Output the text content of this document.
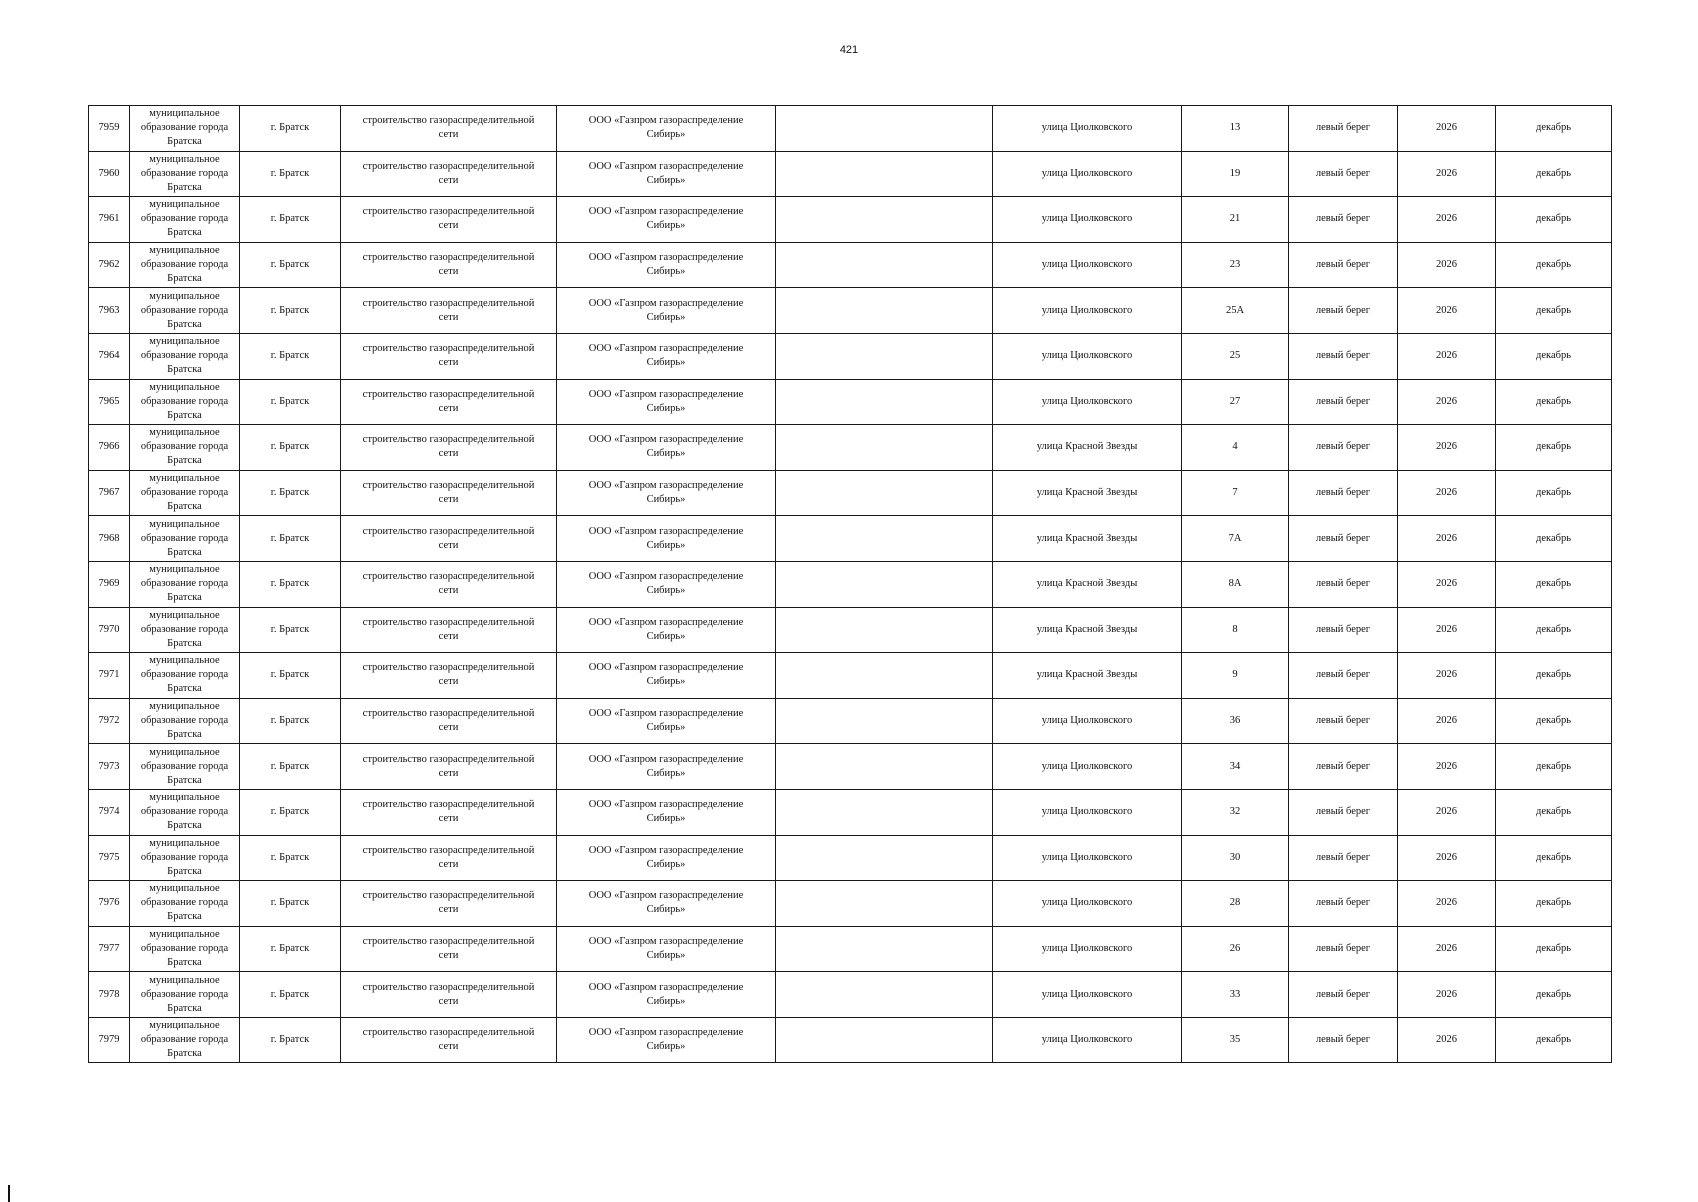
421
7959	муниципальное
образование города
Братска	г. Братск	строительство газораспределительной
сети	ООО «Газпром газораспределение
Сибирь»		улица Циолковского	13	левый берег	2026	декабрь
7960	муниципальное
образование города
Братска	г. Братск	строительство газораспределительной
сети	ООО «Газпром газораспределение
Сибирь»		улица Циолковского	19	левый берег	2026	декабрь
7961	муниципальное
образование города
Братска	г. Братск	строительство газораспределительной
сети	ООО «Газпром газораспределение
Сибирь»		улица Циолковского	21	левый берег	2026	декабрь
7962	муниципальное
образование города
Братска	г. Братск	строительство газораспределительной
сети	ООО «Газпром газораспределение
Сибирь»		улица Циолковского	23	левый берег	2026	декабрь
7963	муниципальное
образование города
Братска	г. Братск	строительство газораспределительной
сети	ООО «Газпром газораспределение
Сибирь»		улица Циолковского	25А	левый берег	2026	декабрь
7964	муниципальное
образование города
Братска	г. Братск	строительство газораспределительной
сети	ООО «Газпром газораспределение
Сибирь»		улица Циолковского	25	левый берег	2026	декабрь
7965	муниципальное
образование города
Братска	г. Братск	строительство газораспределительной
сети	ООО «Газпром газораспределение
Сибирь»		улица Циолковского	27	левый берег	2026	декабрь
7966	муниципальное
образование города
Братска	г. Братск	строительство газораспределительной
сети	ООО «Газпром газораспределение
Сибирь»		улица Красной Звезды	4	левый берег	2026	декабрь
7967	муниципальное
образование города
Братска	г. Братск	строительство газораспределительной
сети	ООО «Газпром газораспределение
Сибирь»		улица Красной Звезды	7	левый берег	2026	декабрь
7968	муниципальное
образование города
Братска	г. Братск	строительство газораспределительной
сети	ООО «Газпром газораспределение
Сибирь»		улица Красной Звезды	7А	левый берег	2026	декабрь
7969	муниципальное
образование города
Братска	г. Братск	строительство газораспределительной
сети	ООО «Газпром газораспределение
Сибирь»		улица Красной Звезды	8А	левый берег	2026	декабрь
7970	муниципальное
образование города
Братска	г. Братск	строительство газораспределительной
сети	ООО «Газпром газораспределение
Сибирь»		улица Красной Звезды	8	левый берег	2026	декабрь
7971	муниципальное
образование города
Братска	г. Братск	строительство газораспределительной
сети	ООО «Газпром газораспределение
Сибирь»		улица Красной Звезды	9	левый берег	2026	декабрь
7972	муниципальное
образование города
Братска	г. Братск	строительство газораспределительной
сети	ООО «Газпром газораспределение
Сибирь»		улица Циолковского	36	левый берег	2026	декабрь
7973	муниципальное
образование города
Братска	г. Братск	строительство газораспределительной
сети	ООО «Газпром газораспределение
Сибирь»		улица Циолковского	34	левый берег	2026	декабрь
7974	муниципальное
образование города
Братска	г. Братск	строительство газораспределительной
сети	ООО «Газпром газораспределение
Сибирь»		улица Циолковского	32	левый берег	2026	декабрь
7975	муниципальное
образование города
Братска	г. Братск	строительство газораспределительной
сети	ООО «Газпром газораспределение
Сибирь»		улица Циолковского	30	левый берег	2026	декабрь
7976	муниципальное
образование города
Братска	г. Братск	строительство газораспределительной
сети	ООО «Газпром газораспределение
Сибирь»		улица Циолковского	28	левый берег	2026	декабрь
7977	муниципальное
образование города
Братска	г. Братск	строительство газораспределительной
сети	ООО «Газпром газораспределение
Сибирь»		улица Циолковского	26	левый берег	2026	декабрь
7978	муниципальное
образование города
Братска	г. Братск	строительство газораспределительной
сети	ООО «Газпром газораспределение
Сибирь»		улица Циолковского	33	левый берег	2026	декабрь
7979	муниципальное
образование города
Братска	г. Братск	строительство газораспределительной
сети	ООО «Газпром газораспределение
Сибирь»		улица Циолковского	35	левый берег	2026	декабрь
